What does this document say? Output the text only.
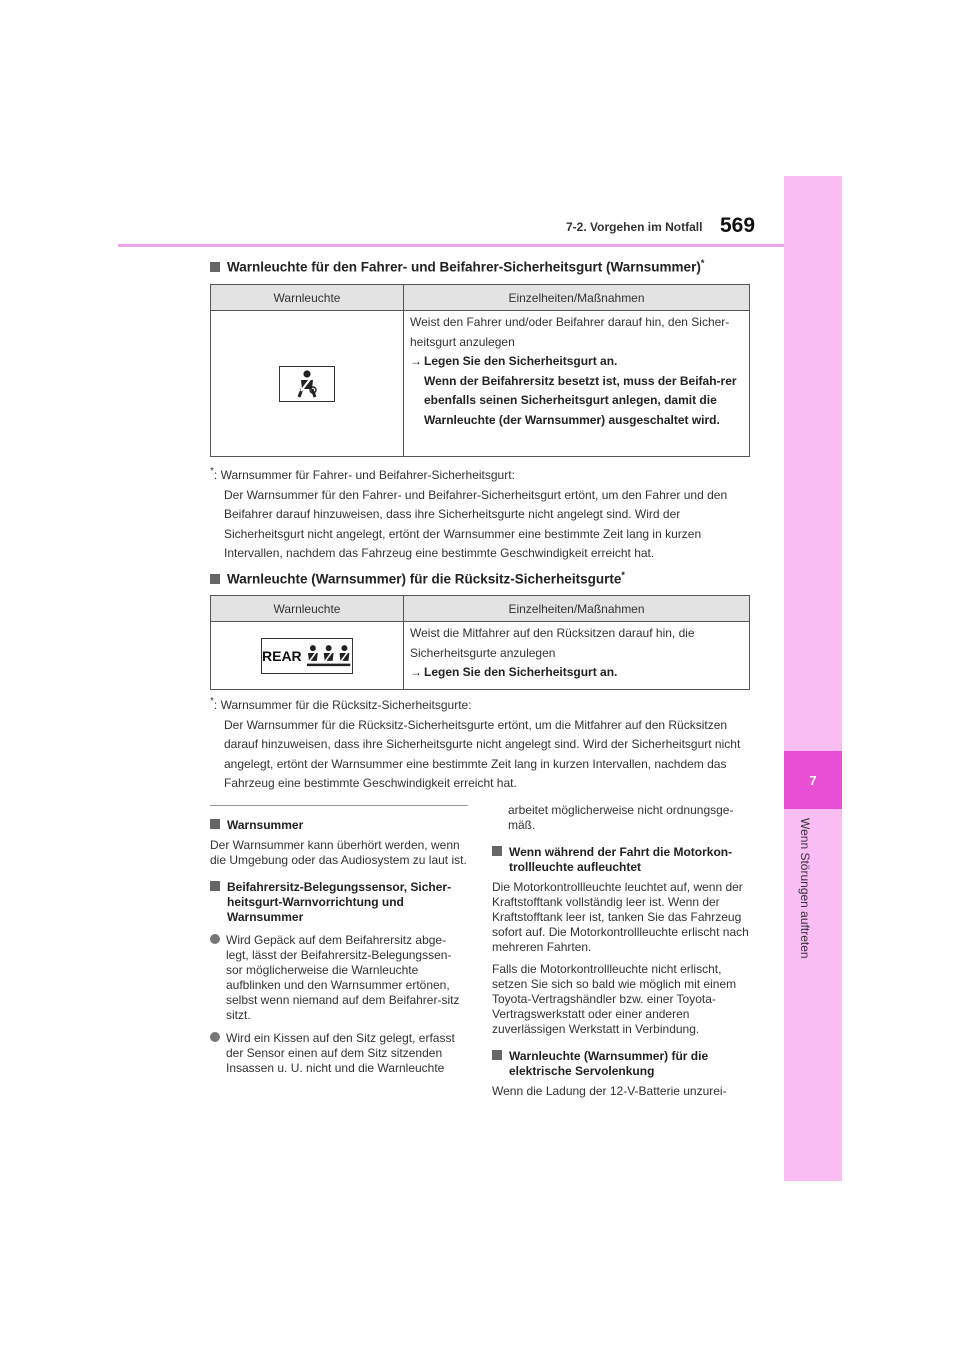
7
Wenn Störungen auftreten
7-2. Vorgehen im Notfall 569
Warnleuchte für den Fahrer- und Beifahrer-Sicherheitsgurt (Warnsummer)*
Warnleuchte	Einzelheiten/Maßnahmen

Weist den Fahrer und/oder Beifahrer darauf hin, den Sicher-heitsgurt anzulegen
→ Legen Sie den Sicherheitsgurt an.
Wenn der Beifahrersitz besetzt ist, muss der Beifah-rer ebenfalls seinen Sicherheitsgurt anlegen, damit die Warnleuchte (der Warnsummer) ausgeschaltet wird.
*: Warnsummer für Fahrer- und Beifahrer-Sicherheitsgurt:
Der Warnsummer für den Fahrer- und Beifahrer-Sicherheitsgurt ertönt, um den Fahrer und den Beifahrer darauf hinzuweisen, dass ihre Sicherheitsgurte nicht angelegt sind. Wird der Sicherheitsgurt nicht angelegt, ertönt der Warnsummer eine bestimmte Zeit lang in kurzen Intervallen, nachdem das Fahrzeug eine bestimmte Geschwindigkeit erreicht hat.
Warnleuchte (Warnsummer) für die Rücksitz-Sicherheitsgurte*
Warnleuchte	Einzelheiten/Maßnahmen

REAR	Weist die Mitfahrer auf den Rücksitzen darauf hin, die Sicherheitsgurte anzulegen
→ Legen Sie den Sicherheitsgurt an.
*: Warnsummer für die Rücksitz-Sicherheitsgurte:
Der Warnsummer für die Rücksitz-Sicherheitsgurte ertönt, um die Mitfahrer auf den Rücksitzen darauf hinzuweisen, dass ihre Sicherheitsgurte nicht angelegt sind. Wird der Sicherheitsgurt nicht angelegt, ertönt der Warnsummer eine bestimmte Zeit lang in kurzen Intervallen, nachdem das Fahrzeug eine bestimmte Geschwindigkeit erreicht hat.

Warnsummer

Der Warnsummer kann überhört werden, wenn die Umgebung oder das Audiosystem zu laut ist.

Beifahrersitz-Belegungssensor, Sicher-heitsgurt-Warnvorrichtung und Warnsummer

Wird Gepäck auf dem Beifahrersitz abge-legt, lässt der Beifahrersitz-Belegungssen-sor möglicherweise die Warnleuchte aufblinken und den Warnsummer ertönen, selbst wenn niemand auf dem Beifahrer-sitz sitzt.

Wird ein Kissen auf den Sitz gelegt, erfasst der Sensor einen auf dem Sitz sitzenden Insassen u. U. nicht und die Warnleuchte

arbeitet möglicherweise nicht ordnungsge-mäß.

Wenn während der Fahrt die Motorkon-trollleuchte aufleuchtet

Die Motorkontrollleuchte leuchtet auf, wenn der Kraftstofftank vollständig leer ist. Wenn der Kraftstofftank leer ist, tanken Sie das Fahrzeug sofort auf. Die Motorkontrollleuchte erlischt nach mehreren Fahrten.

Falls die Motorkontrollleuchte nicht erlischt, setzen Sie sich so bald wie möglich mit einem Toyota-Vertragshändler bzw. einer Toyota-Vertragswerkstatt oder einer anderen zuverlässigen Werkstatt in Verbindung.

Warnleuchte (Warnsummer) für die elektrische Servolenkung

Wenn die Ladung der 12-V-Batterie unzurei-
